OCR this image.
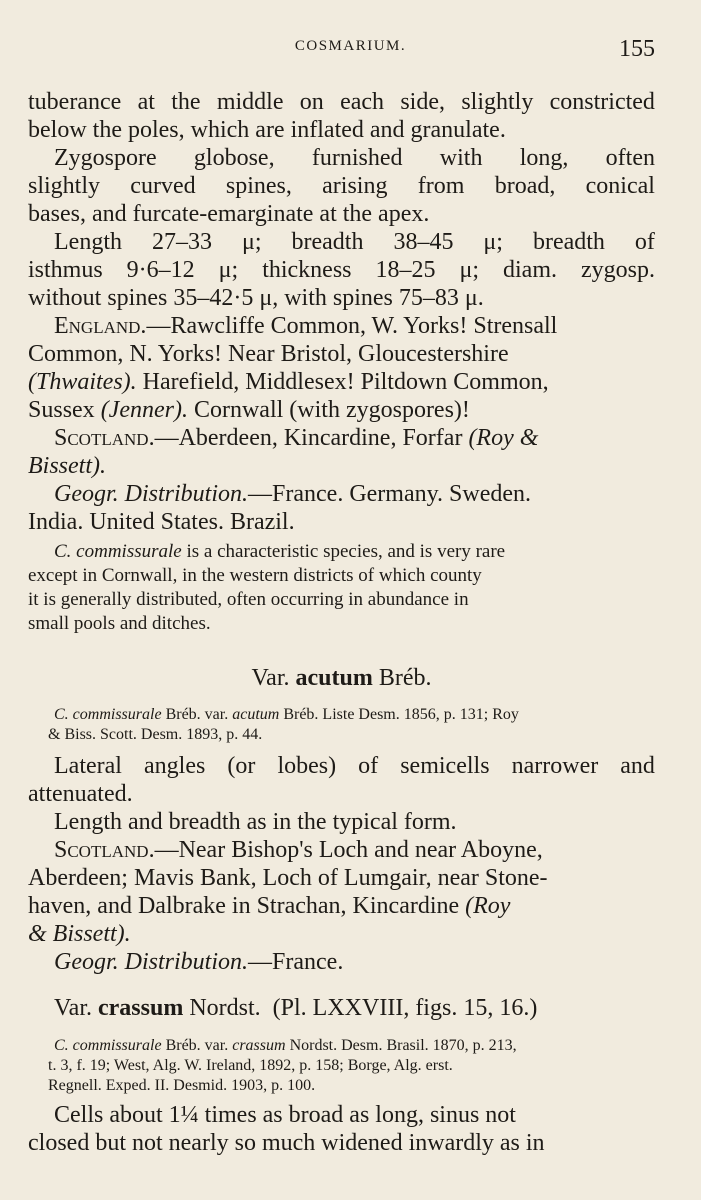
COSMARIUM.	155
tuberance at the middle on each side, slightly constricted
below the poles, which are inflated and granulate.
Zygospore globose, furnished with long, often
slightly curved spines, arising from broad, conical
bases, and furcate-emarginate at the apex.
Length 27–33 μ; breadth 38–45 μ; breadth of
isthmus 9·6–12 μ; thickness 18–25 μ; diam. zygosp.
without spines 35–42·5 μ, with spines 75–83 μ.
England.—Rawcliffe Common, W. Yorks! Strensall
Common, N. Yorks! Near Bristol, Gloucestershire
(Thwaites). Harefield, Middlesex! Piltdown Common,
Sussex (Jenner). Cornwall (with zygospores)!
Scotland.—Aberdeen, Kincardine, Forfar (Roy &
Bissett).
Geogr. Distribution.—France. Germany. Sweden.
India. United States. Brazil.
C. commissurale is a characteristic species, and is very rare
except in Cornwall, in the western districts of which county
it is generally distributed, often occurring in abundance in
small pools and ditches.
Var. acutum Bréb.
C. commissurale Bréb. var. acutum Bréb. Liste Desm. 1856, p. 131; Roy
& Biss. Scott. Desm. 1893, p. 44.
Lateral angles (or lobes) of semicells narrower and
attenuated.
Length and breadth as in the typical form.
Scotland.—Near Bishop's Loch and near Aboyne,
Aberdeen; Mavis Bank, Loch of Lumgair, near Stone-
haven, and Dalbrake in Strachan, Kincardine (Roy
& Bissett).
Geogr. Distribution.—France.
Var. crassum Nordst. (Pl. LXXVIII, figs. 15, 16.)
C. commissurale Bréb. var. crassum Nordst. Desm. Brasil. 1870, p. 213,
t. 3, f. 19; West, Alg. W. Ireland, 1892, p. 158; Borge, Alg. erst.
Regnell. Exped. II. Desmid. 1903, p. 100.
Cells about 1¼ times as broad as long, sinus not
closed but not nearly so much widened inwardly as in
